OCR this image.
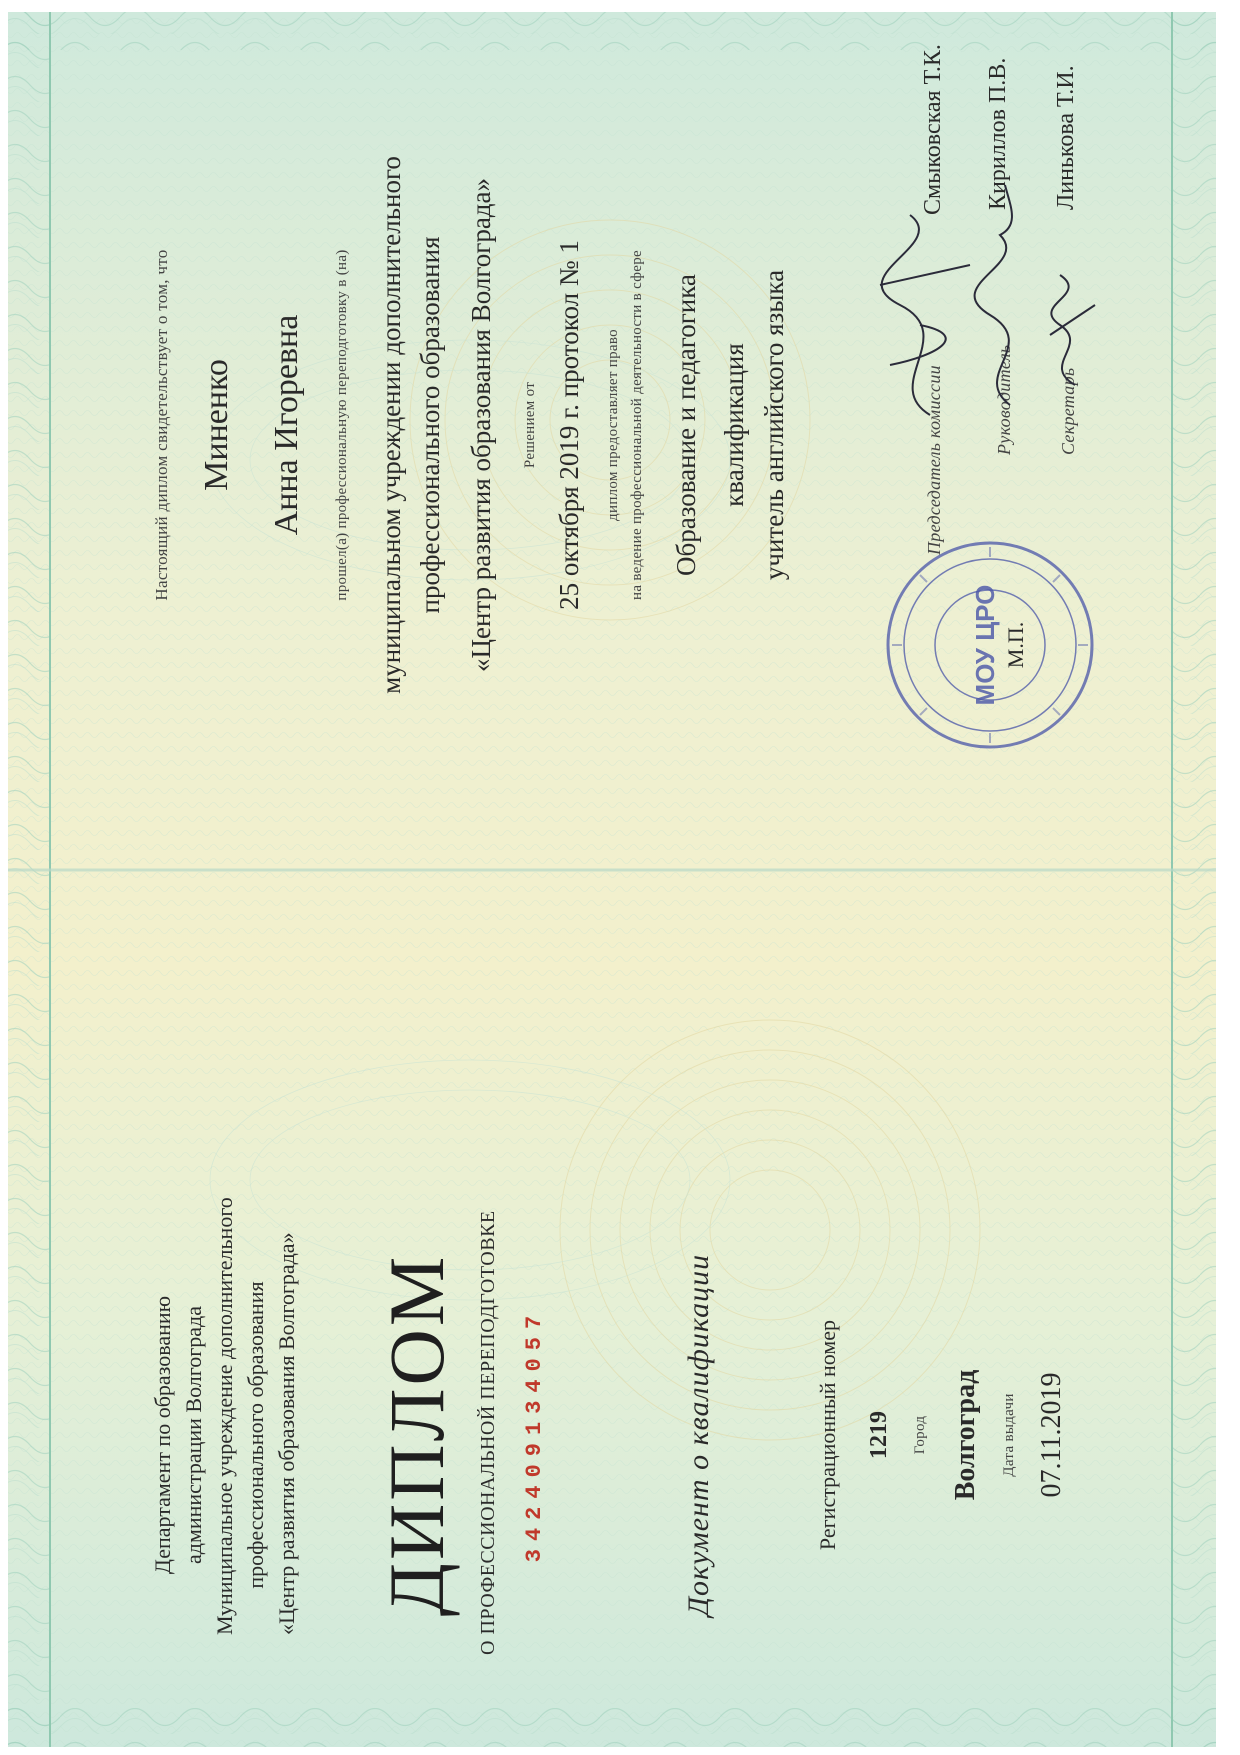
Департамент по образованию администрации Волгограда Муниципальное учреждение дополнительного профессионального образования «Центр развития образования Волгограда» ДИПЛОМ О ПРОФЕССИОНАЛЬНОЙ ПЕРЕПОДГОТОВКЕ 342409134057	Документ о квалификации	Регистрационный номер 1219 Город Волгоград Дата выдачи 07.11.2019
Настоящий диплом свидетельствует о том, что Миненко Анна Игоревна прошел(а) профессиональную переподготовку в (на) муниципальном учреждении дополнительного профессионального образования «Центр развития образования Волгограда» Решением от 25 октября 2019 г. протокол № 1 диплом предоставляет право на ведение профессиональной деятельности в сфере Образование и педагогика квалификация учитель английского языка	Председатель комиссии
Смыковская Т.К.
Руководитель
Кириллов П.В.
Секретарь
Линькова Т.И.
МОУ ЦРО М.П.
